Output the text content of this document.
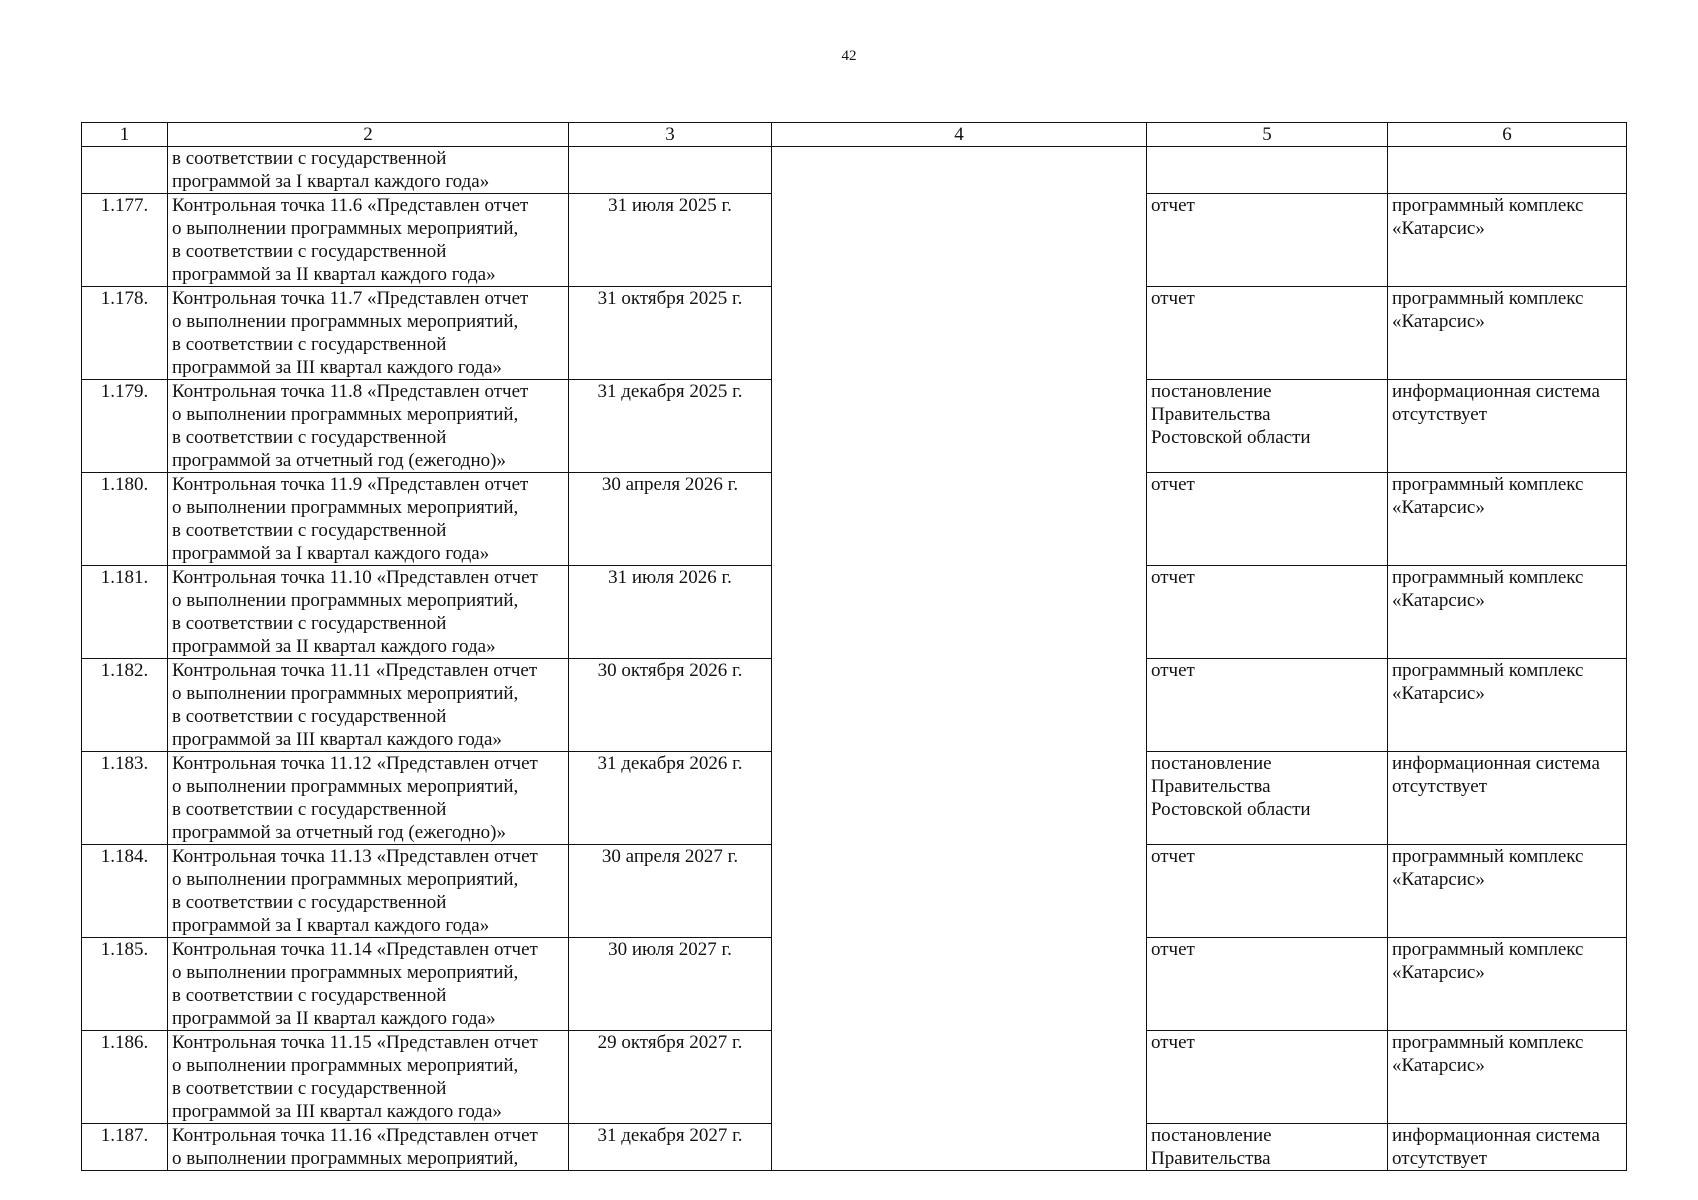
42
1	2	3	4	5	6
	в соответствии с государственной
программой за I квартал каждого года»				
1.177.	Контрольная точка 11.6 «Представлен отчет
о выполнении программных мероприятий,
в соответствии с государственной
программой за II квартал каждого года»	31 июля 2025 г.		отчет	программный комплекс
«Катарсис»
1.178.	Контрольная точка 11.7 «Представлен отчет
о выполнении программных мероприятий,
в соответствии с государственной
программой за III квартал каждого года»	31 октября 2025 г.		отчет	программный комплекс
«Катарсис»
1.179.	Контрольная точка 11.8 «Представлен отчет
о выполнении программных мероприятий,
в соответствии с государственной
программой за отчетный год (ежегодно)»	31 декабря 2025 г.		постановление
Правительства
Ростовской области	информационная система
отсутствует
1.180.	Контрольная точка 11.9 «Представлен отчет
о выполнении программных мероприятий,
в соответствии с государственной
программой за I квартал каждого года»	30 апреля 2026 г.		отчет	программный комплекс
«Катарсис»
1.181.	Контрольная точка 11.10 «Представлен отчет
о выполнении программных мероприятий,
в соответствии с государственной
программой за II квартал каждого года»	31 июля 2026 г.		отчет	программный комплекс
«Катарсис»
1.182.	Контрольная точка 11.11 «Представлен отчет
о выполнении программных мероприятий,
в соответствии с государственной
программой за III квартал каждого года»	30 октября 2026 г.		отчет	программный комплекс
«Катарсис»
1.183.	Контрольная точка 11.12 «Представлен отчет
о выполнении программных мероприятий,
в соответствии с государственной
программой за отчетный год (ежегодно)»	31 декабря 2026 г.		постановление
Правительства
Ростовской области	информационная система
отсутствует
1.184.	Контрольная точка 11.13 «Представлен отчет
о выполнении программных мероприятий,
в соответствии с государственной
программой за I квартал каждого года»	30 апреля 2027 г.		отчет	программный комплекс
«Катарсис»
1.185.	Контрольная точка 11.14 «Представлен отчет
о выполнении программных мероприятий,
в соответствии с государственной
программой за II квартал каждого года»	30 июля 2027 г.		отчет	программный комплекс
«Катарсис»
1.186.	Контрольная точка 11.15 «Представлен отчет
о выполнении программных мероприятий,
в соответствии с государственной
программой за III квартал каждого года»	29 октября 2027 г.		отчет	программный комплекс
«Катарсис»
1.187.	Контрольная точка 11.16 «Представлен отчет
о выполнении программных мероприятий,	31 декабря 2027 г.		постановление
Правительства	информационная система
отсутствует
